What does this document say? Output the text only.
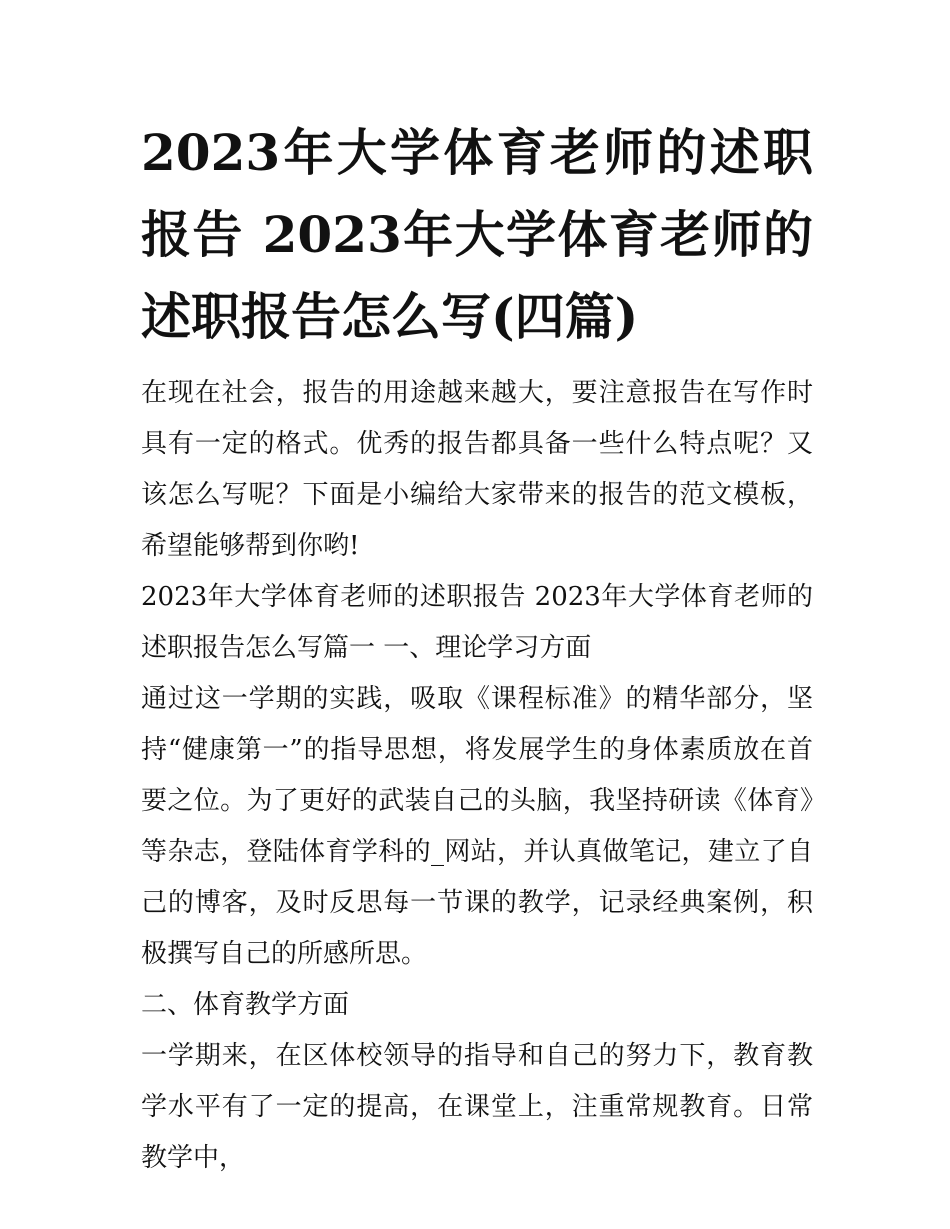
2023年大学体育老师的述职报告 2023年大学体育老师的述职报告怎么写(四篇)

在现在社会，报告的用途越来越大，要注意报告在写作时具有一定的格式。优秀的报告都具备一些什么特点呢？又该怎么写呢？下面是小编给大家带来的报告的范文模板，希望能够帮到你哟!

2023年大学体育老师的述职报告 2023年大学体育老师的述职报告怎么写篇一 一、理论学习方面

通过这一学期的实践，吸取《课程标准》的精华部分，坚持“健康第一”的指导思想，将发展学生的身体素质放在首要之位。为了更好的武装自己的头脑，我坚持研读《体育》等杂志，登陆体育学科的_网站，并认真做笔记，建立了自己的博客，及时反思每一节课的教学，记录经典案例，积极撰写自己的所感所思。

二、体育教学方面

一学期来，在区体校领导的指导和自己的努力下，教育教学水平有了一定的提高，在课堂上，注重常规教育。日常教学中，
